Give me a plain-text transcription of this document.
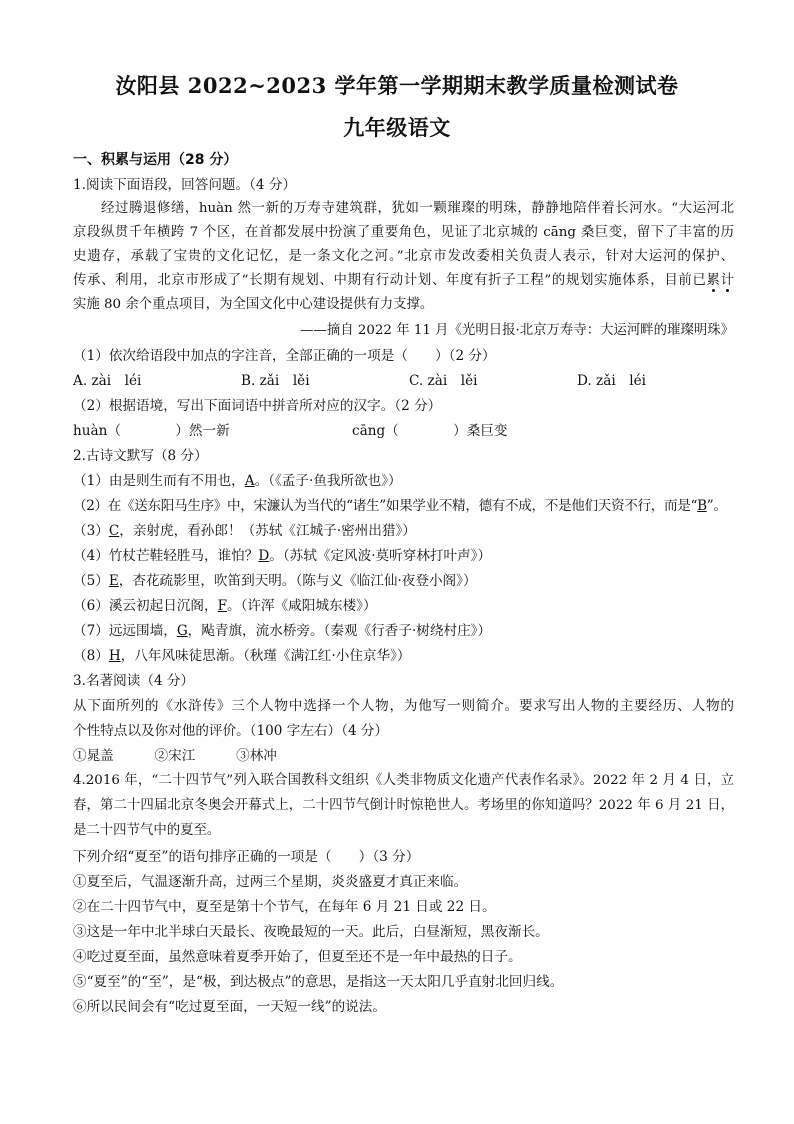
汝阳县 2022~2023 学年第一学期期末教学质量检测试卷
九年级语文
一、积累与运用（28 分）
1.阅读下面语段，回答问题。（4 分）
经过腾退修缮，huàn 然一新的万寿寺建筑群，犹如一颗璀璨的明珠，静静地陪伴着长河水。“大运河北
京段纵贯千年横跨 7 个区，在首都发展中扮演了重要角色，见证了北京城的 cāng 桑巨变，留下了丰富的历
史遗存，承载了宝贵的文化记忆，是一条文化之河。”北京市发改委相关负责人表示，针对大运河的保护、
传承、利用，北京市形成了“长期有规划、中期有行动计划、年度有折子工程”的规划实施体系，目前已累计
实施 80 余个重点项目，为全国文化中心建设提供有力支撑。
——摘自 2022 年 11 月《光明日报·北京万寿寺：大运河畔的璀璨明珠》
（1）依次给语段中加点的字注音，全部正确的一项是（　　）（2 分）
A. zài　léi	B. zǎi　lěi	C. zài　lěi	D. zǎi　léi
（2）根据语境，写出下面词语中拼音所对应的汉字。（2 分）
huàn（　　　　）然一新	cāng（　　　　）桑巨变
2.古诗文默写（8 分）
（1）由是则生而有不用也，A。（《孟子·鱼我所欲也》）
（2）在《送东阳马生序》中，宋濂认为当代的“诸生”如果学业不精，德有不成，不是他们天资不行，而是“B”。
（3）C，亲射虎，看孙郎！（苏轼《江城子·密州出猎》）
（4）竹杖芒鞋轻胜马，谁怕？D。（苏轼《定风波·莫听穿林打叶声》）
（5）E，杏花疏影里，吹笛到天明。（陈与义《临江仙·夜登小阁》）
（6）溪云初起日沉阁，F。（许浑《咸阳城东楼》）
（7）远远围墙，G，飐青旗，流水桥旁。（秦观《行香子·树绕村庄》）
（8）H，八年风味徒思渐。（秋瑾《满江红·小住京华》）
3.名著阅读（4 分）
从下面所列的《水浒传》三个人物中选择一个人物，为他写一则简介。要求写出人物的主要经历、人物的
个性特点以及你对他的评价。（100 字左右）（4 分）
①晁盖　　　②宋江　　　③林冲
4.2016 年，“二十四节气”列入联合国教科文组织《人类非物质文化遗产代表作名录》。2022 年 2 月 4 日，立
春，第二十四届北京冬奥会开幕式上，二十四节气倒计时惊艳世人。考场里的你知道吗？2022 年 6 月 21 日，
是二十四节气中的夏至。
下列介绍“夏至”的语句排序正确的一项是（　　）（3 分）
①夏至后，气温逐渐升高，过两三个星期，炎炎盛夏才真正来临。
②在二十四节气中，夏至是第十个节气，在每年 6 月 21 日或 22 日。
③这是一年中北半球白天最长、夜晚最短的一天。此后，白昼渐短，黑夜渐长。
④吃过夏至面，虽然意味着夏季开始了，但夏至还不是一年中最热的日子。
⑤“夏至”的“至”，是“极，到达极点”的意思，是指这一天太阳几乎直射北回归线。
⑥所以民间会有“吃过夏至面，一天短一线”的说法。
